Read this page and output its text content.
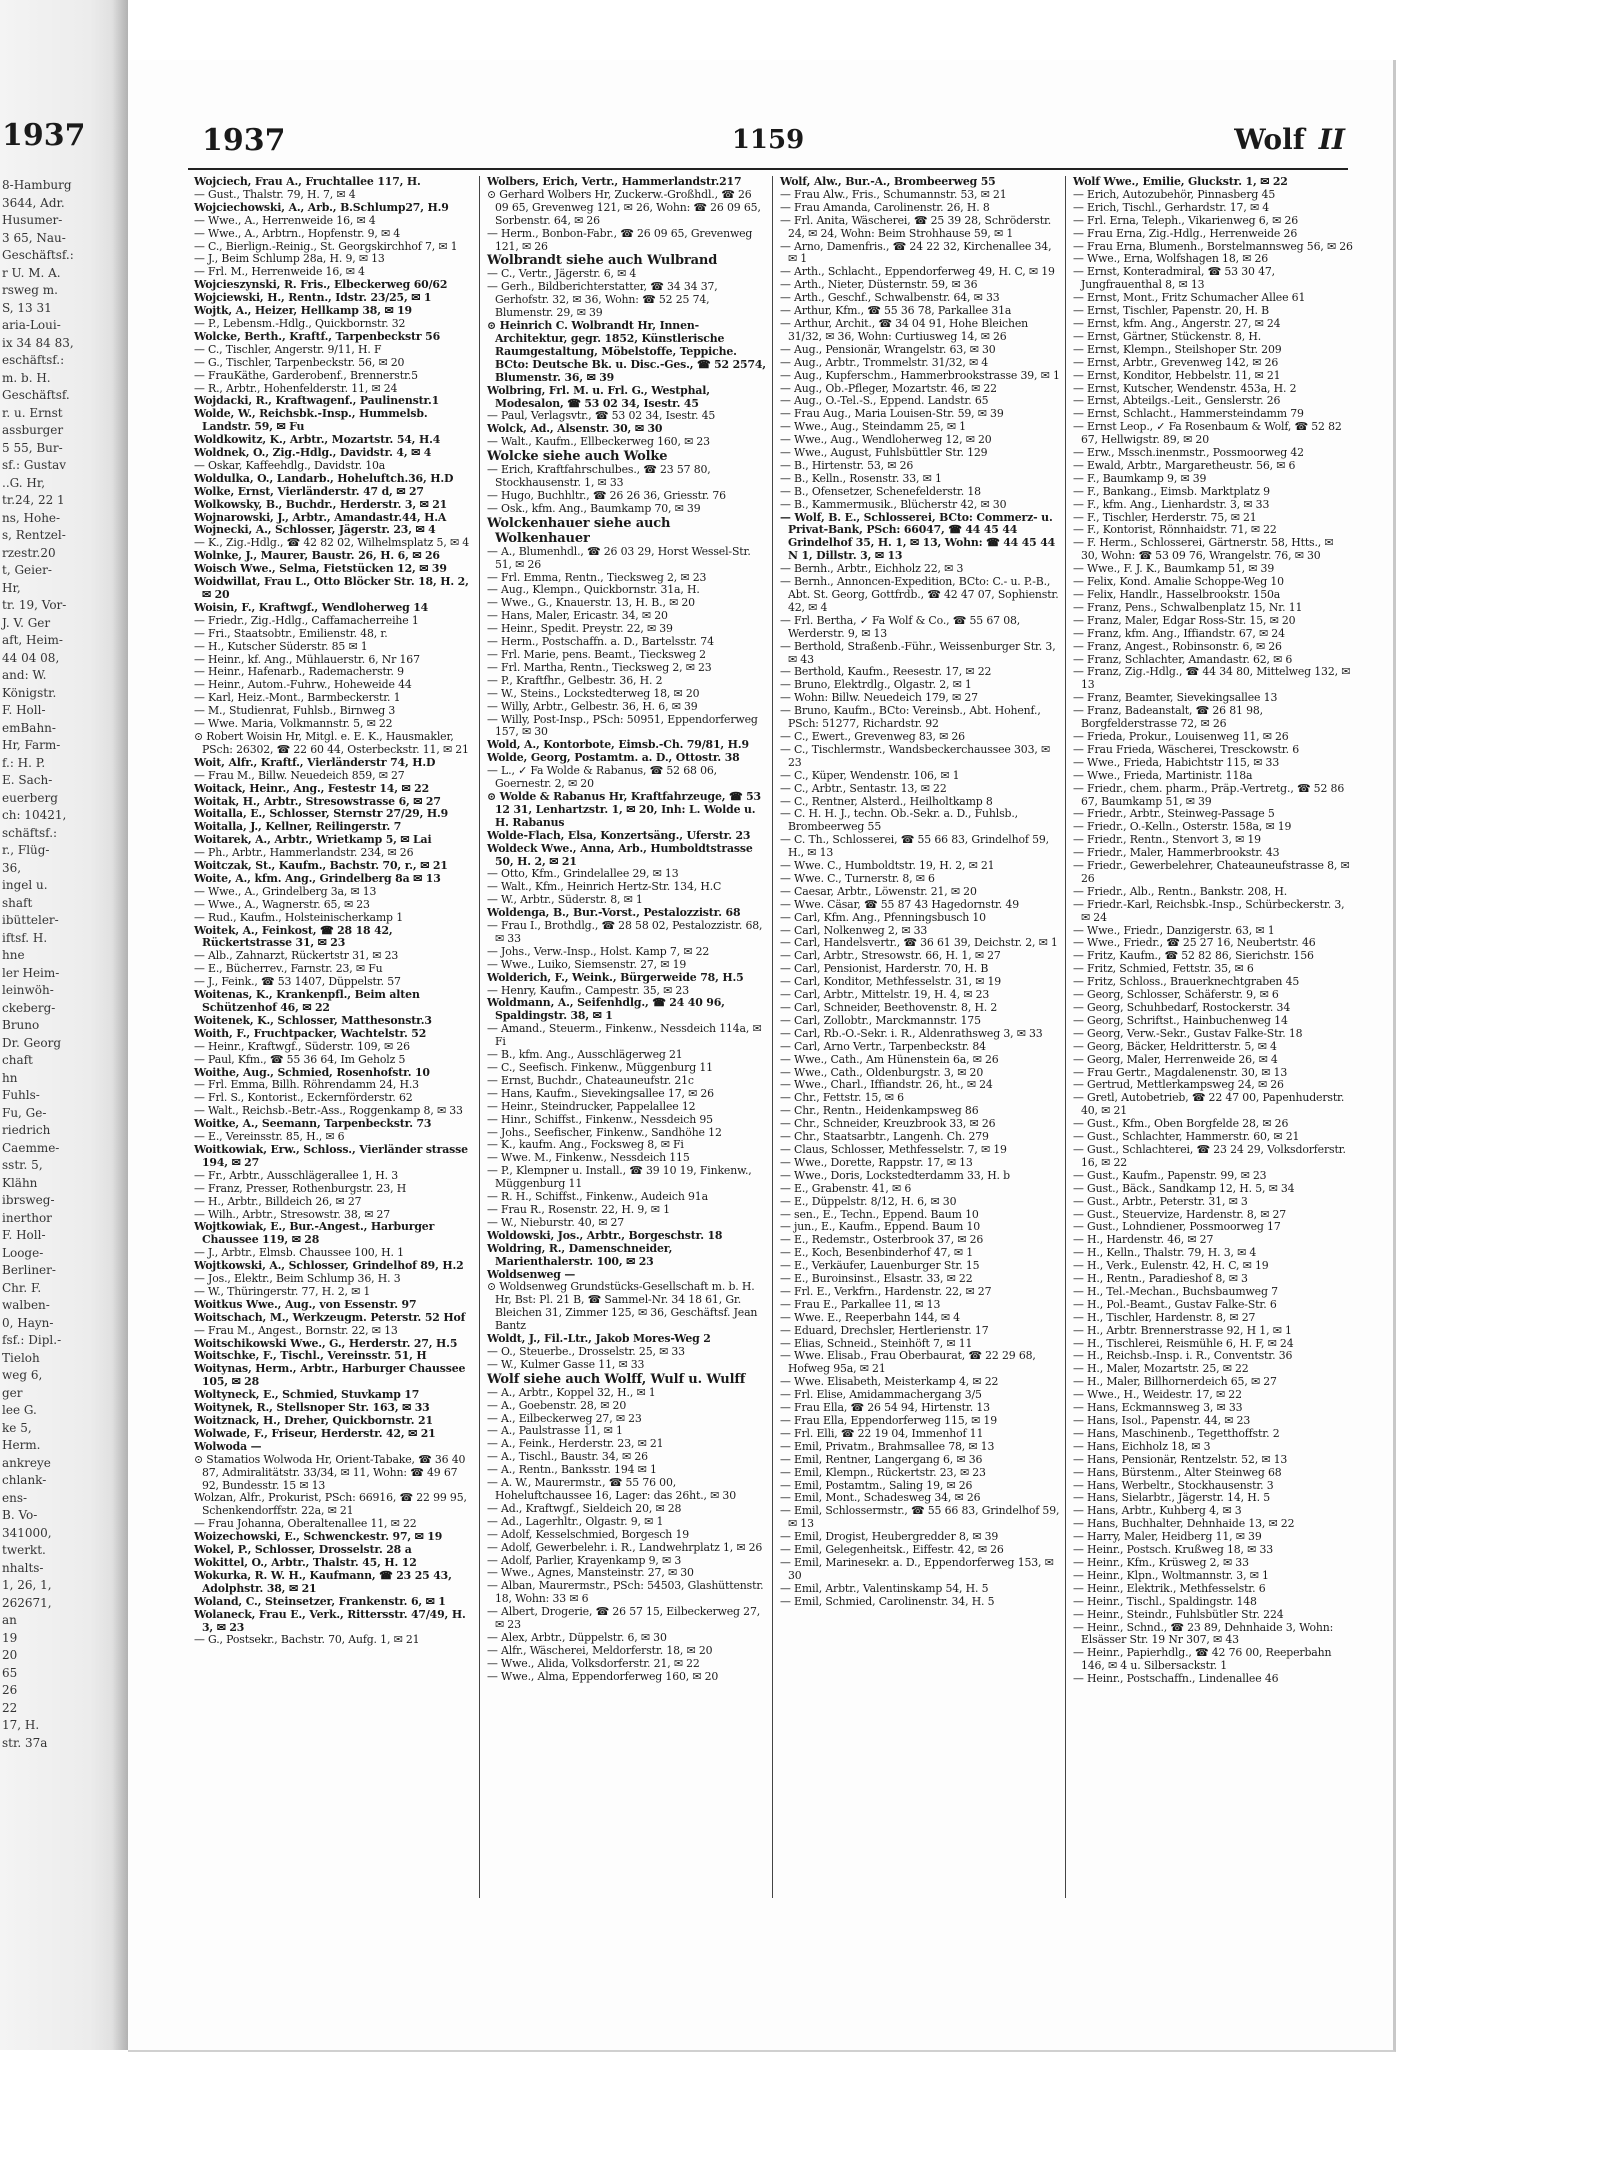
1937
8-Hamburg
3644, Adr.
Husumer-
3 65, Nau-
Geschäftsf.:
r U. M. A.
rsweg m.
S, 13 31
aria-Loui-
ix 34 84 83,
eschäftsf.:
m. b. H.
Geschäftsf.
r. u. Ernst
assburger
5 55, Bur-
sf.: Gustav
..G. Hr,
tr.24, 22 1
ns, Hohe-
s, Rentzel-
rzestr.20
t, Geier-
Hr,
tr. 19, Vor-
J. V. Ger
aft, Heim-
44 04 08,
and: W.
Königstr.
F. Holl-
emBahn-
Hr, Farm-
f.: H. P.
E. Sach-
euerberg
ch: 10421,
schäftsf.:
r., Flüg-
36,
ingel u.
shaft
ibütteler-
iftsf. H.
hne
ler Heim-
leinwöh-
ckeberg-
Bruno
Dr. Georg
chaft
hn
Fuhls-
Fu, Ge-
riedrich
Caemme-
sstr. 5,
Klähn
ibrsweg-
inerthor
F. Holl-
Looge-
Berliner-
Chr. F.
walben-
0, Hayn-
fsf.: Dipl.-
Tieloh
weg 6,
ger
lee G.
ke 5,
Herm.
ankreye
chlank-
ens-
B. Vo-
341000,
twerkt.
nhalts-
1, 26, 1,
262671,
an
19
20
65
26
22
17, H.
str. 37a
1937	1159	Wolf II

Wojciech, Frau A., Fruchtallee 117, H.

— Gust., Thalstr. 79, H. 7, ✉ 4

Wojciechowski, A., Arb., B.Schlump27, H.9

— Wwe., A., Herrenweide 16, ✉ 4

— Wwe., A., Arbtrn., Hopfenstr. 9, ✉ 4

— C., Bierlign.-Reinig., St. Georgskirchhof 7, ✉ 1

— J., Beim Schlump 28a, H. 9, ✉ 13

— Frl. M., Herrenweide 16, ✉ 4

Wojcieszynski, R. Fris., Elbeckerweg 60/62

Wojciewski, H., Rentn., Idstr. 23/25, ✉ 1

Wojtk, A., Heizer, Hellkamp 38, ✉ 19

— P., Lebensm.-Hdlg., Quickbornstr. 32

Wolcke, Berth., Kraftf., Tarpenbeckstr 56

— C., Tischler, Angerstr. 9/11, H. F

— G., Tischler, Tarpenbeckstr. 56, ✉ 20

— FrauKäthe, Garderobenf., Brennerstr.5

— R., Arbtr., Hohenfelderstr. 11, ✉ 24

Wojdacki, R., Kraftwagenf., Paulinenstr.1

Wolde, W., Reichsbk.-Insp., Hummelsb. Landstr. 59, ✉ Fu

Woldkowitz, K., Arbtr., Mozartstr. 54, H.4

Woldnek, O., Zig.-Hdlg., Davidstr. 4, ✉ 4

— Oskar, Kaffeehdlg., Davidstr. 10a

Woldulka, O., Landarb., Hoheluftch.36, H.D

Wolke, Ernst, Vierländerstr. 47 d, ✉ 27

Wolkowsky, B., Buchdr., Herderstr. 3, ✉ 21

Wojnarowski, J., Arbtr., Amandastr.44, H.A

Wojnecki, A., Schlosser, Jägerstr. 23, ✉ 4

— K., Zig.-Hdlg., ☎ 42 82 02, Wilhelmsplatz 5, ✉ 4

Wolnke, J., Maurer, Baustr. 26, H. 6, ✉ 26

Woisch Wwe., Selma, Fietstücken 12, ✉ 39

Woidwillat, Frau L., Otto Blöcker Str. 18, H. 2, ✉ 20

Woisin, F., Kraftwgf., Wendloherweg 14

— Friedr., Zig.-Hdlg., Caffamacherreihe 1

— Fri., Staatsobtr., Emilienstr. 48, r.

— H., Kutscher Süderstr. 85 ✉ 1

— Heinr., kf. Ang., Mühlauerstr. 6, Nr 167

— Heinr., Hafenarb., Rademacherstr. 9

— Heinr., Autom.-Fuhrw., Hoheweide 44

— Karl, Heiz.-Mont., Barmbeckerstr. 1

— M., Studienrat, Fuhlsb., Birnweg 3

— Wwe. Maria, Volkmannstr. 5, ✉ 22

⊙ Robert Woisin Hr, Mitgl. e. E. K., Hausmakler, PSch: 26302, ☎ 22 60 44, Osterbeckstr. 11, ✉ 21

Woit, Alfr., Kraftf., Vierländerstr 74, H.D

— Frau M., Billw. Neuedeich 859, ✉ 27

Woitack, Heinr., Ang., Festestr 14, ✉ 22

Woitak, H., Arbtr., Stresowstrasse 6, ✉ 27

Woitalla, E., Schlosser, Sternstr 27/29, H.9

Woitalla, J., Kellner, Reilingerstr. 7

Woitarek, A., Arbtr., Wrietkamp 5, ✉ Lai

— Ph., Arbtr., Hammerlandstr. 234, ✉ 26

Woitczak, St., Kaufm., Bachstr. 70, r., ✉ 21

Woite, A., kfm. Ang., Grindelberg 8a ✉ 13

— Wwe., A., Grindelberg 3a, ✉ 13

— Wwe., A., Wagnerstr. 65, ✉ 23

— Rud., Kaufm., Holsteinischerkamp 1

Woitek, A., Feinkost, ☎ 28 18 42, Rückertstrasse 31, ✉ 23

— Alb., Zahnarzt, Rückertstr 31, ✉ 23

— E., Bücherrev., Farnstr. 23, ✉ Fu

— J., Feink., ☎ 53 1407, Düppelstr. 57

Woitenas, K., Krankenpfl., Beim alten Schützenhof 46, ✉ 22

Woitenek, K., Schlosser, Matthesonstr.3

Woith, F., Fruchtpacker, Wachtelstr. 52

— Heinr., Kraftwgf., Süderstr. 109, ✉ 26

— Paul, Kfm., ☎ 55 36 64, Im Geholz 5

Woithe, Aug., Schmied, Rosenhofstr. 10

— Frl. Emma, Billh. Röhrendamm 24, H.3

— Frl. S., Kontorist., Eckernförderstr. 62

— Walt., Reichsb.-Betr.-Ass., Roggenkamp 8, ✉ 33

Woitke, A., Seemann, Tarpenbeckstr. 73

— E., Vereinsstr. 85, H., ✉ 6

Woitkowiak, Erw., Schloss., Vierländer strasse 194, ✉ 27

— Fr., Arbtr., Ausschlägerallee 1, H. 3

— Franz, Presser, Rothenburgstr. 23, H

— H., Arbtr., Billdeich 26, ✉ 27

— Wilh., Arbtr., Stresowstr. 38, ✉ 27

Wojtkowiak, E., Bur.-Angest., Harburger Chaussee 119, ✉ 28

— J., Arbtr., Elmsb. Chaussee 100, H. 1

Wojtkowski, A., Schlosser, Grindelhof 89, H.2

— Jos., Elektr., Beim Schlump 36, H. 3

— W., Thüringerstr. 77, H. 2, ✉ 1

Woitkus Wwe., Aug., von Essenstr. 97

Woitschach, M., Werkzeugm. Peterstr. 52 Hof

— Frau M., Angest., Bornstr. 22, ✉ 13

Woitschikowski Wwe., G., Herderstr. 27, H.5

Woitschke, F., Tischl., Vereinsstr. 51, H

Woitynas, Herm., Arbtr., Harburger Chaussee 105, ✉ 28

Woltyneck, E., Schmied, Stuvkamp 17

Woitynek, R., Stellsnoper Str. 163, ✉ 33

Woitznack, H., Dreher, Quickbornstr. 21

Wolwade, F., Friseur, Herderstr. 42, ✉ 21

Wolwoda —

⊙ Stamatios Wolwoda Hr, Orient-Tabake, ☎ 36 40 87, Admiralitätstr. 33/34, ✉ 11, Wohn: ☎ 49 67 92, Bundesstr. 15 ✉ 13

Wolzan, Alfr., Prokurist, PSch: 66916, ☎ 22 99 95, Schenkendorffstr. 22a, ✉ 21

— Frau Johanna, Oberaltenallee 11, ✉ 22

Woizechowski, E., Schwenckestr. 97, ✉ 19

Wokel, P., Schlosser, Drosselstr. 28 a

Wokittel, O., Arbtr., Thalstr. 45, H. 12

Wokurka, R. W. H., Kaufmann, ☎ 23 25 43, Adolphstr. 38, ✉ 21

Woland, C., Steinsetzer, Frankenstr. 6, ✉ 1

Wolaneck, Frau E., Verk., Rittersstr. 47/49, H. 3, ✉ 23

— G., Postsekr., Bachstr. 70, Aufg. 1, ✉ 21

Wolbers, Erich, Vertr., Hammerlandstr.217

⊙ Gerhard Wolbers Hr, Zuckerw.-Großhdl., ☎ 26 09 65, Grevenweg 121, ✉ 26, Wohn: ☎ 26 09 65, Sorbenstr. 64, ✉ 26

— Herm., Bonbon-Fabr., ☎ 26 09 65, Grevenweg 121, ✉ 26

Wolbrandt siehe auch Wulbrand

— C., Vertr., Jägerstr. 6, ✉ 4

— Gerh., Bildberichterstatter, ☎ 34 34 37, Gerhofstr. 32, ✉ 36, Wohn: ☎ 52 25 74, Blumenstr. 29, ✉ 39

⊙ Heinrich C. Wolbrandt Hr, Innen-Architektur, gegr. 1852, Künstlerische Raumgestaltung, Möbelstoffe, Teppiche. BCto: Deutsche Bk. u. Disc.-Ges., ☎ 52 2574, Blumenstr. 36, ✉ 39

Wolbring, Frl. M. u. Frl. G., Westphal, Modesalon, ☎ 53 02 34, Isestr. 45

— Paul, Verlagsvtr., ☎ 53 02 34, Isestr. 45

Wolck, Ad., Alsenstr. 30, ✉ 30

— Walt., Kaufm., Ellbeckerweg 160, ✉ 23

Wolcke siehe auch Wolke

— Erich, Kraftfahrschulbes., ☎ 23 57 80, Stockhausenstr. 1, ✉ 33

— Hugo, Buchhltr., ☎ 26 26 36, Griesstr. 76

— Osk., kfm. Ang., Baumkamp 70, ✉ 39

Wolckenhauer siehe auch Wolkenhauer

— A., Blumenhdl., ☎ 26 03 29, Horst Wessel-Str. 51, ✉ 26

— Frl. Emma, Rentn., Tiecksweg 2, ✉ 23

— Aug., Klempn., Quickbornstr. 31a, H.

— Wwe., G., Knauerstr. 13, H. B., ✉ 20

— Hans, Maler, Ericastr. 34, ✉ 20

— Heinr., Spedit. Preystr. 22, ✉ 39

— Herm., Postschaffn. a. D., Bartelsstr. 74

— Frl. Marie, pens. Beamt., Tiecksweg 2

— Frl. Martha, Rentn., Tiecksweg 2, ✉ 23

— P., Kraftfhr., Gelbestr. 36, H. 2

— W., Steins., Lockstedterweg 18, ✉ 20

— Willy, Arbtr., Gelbestr. 36, H. 6, ✉ 39

— Willy, Post-Insp., PSch: 50951, Eppendorferweg 157, ✉ 30

Wold, A., Kontorbote, Eimsb.-Ch. 79/81, H.9

Wolde, Georg, Postamtm. a. D., Ottostr. 38

— L., ✓ Fa Wolde & Rabanus, ☎ 52 68 06, Goernestr. 2, ✉ 20

⊙ Wolde & Rabanus Hr, Kraftfahrzeuge, ☎ 53 12 31, Lenhartzstr. 1, ✉ 20, Inh: L. Wolde u. H. Rabanus

Wolde-Flach, Elsa, Konzertsäng., Uferstr. 23

Woldeck Wwe., Anna, Arb., Humboldtstrasse 50, H. 2, ✉ 21

— Otto, Kfm., Grindelallee 29, ✉ 13

— Walt., Kfm., Heinrich Hertz-Str. 134, H.C

— W., Arbtr., Süderstr. 8, ✉ 1

Woldenga, B., Bur.-Vorst., Pestalozzistr. 68

— Frau I., Brothdlg., ☎ 28 58 02, Pestalozzistr. 68, ✉ 33

— Johs., Verw.-Insp., Holst. Kamp 7, ✉ 22

— Wwe., Luiko, Siemsenstr. 27, ✉ 19

Wolderich, F., Weink., Bürgerweide 78, H.5

— Henry, Kaufm., Campestr. 35, ✉ 23

Woldmann, A., Seifenhdlg., ☎ 24 40 96, Spaldingstr. 38, ✉ 1

— Amand., Steuerm., Finkenw., Nessdeich 114a, ✉ Fi

— B., kfm. Ang., Ausschlägerweg 21

— C., Seefisch. Finkenw., Müggenburg 11

— Ernst, Buchdr., Chateauneufstr. 21c

— Hans, Kaufm., Sievekingsallee 17, ✉ 26

— Heinr., Steindrucker, Pappelallee 12

— Hinr., Schiffst., Finkenw., Nessdeich 95

— Johs., Seefischer, Finkenw., Sandhöhe 12

— K., kaufm. Ang., Focksweg 8, ✉ Fi

— Wwe. M., Finkenw., Nessdeich 115

— P., Klempner u. Install., ☎ 39 10 19, Finkenw., Müggenburg 11

— R. H., Schiffst., Finkenw., Audeich 91a

— Frau R., Rosenstr. 22, H. 9, ✉ 1

— W., Nieburstr. 40, ✉ 27

Woldowski, Jos., Arbtr., Borgeschstr. 18

Woldring, R., Damenschneider, Marienthalerstr. 100, ✉ 23

Woldsenweg —

⊙ Woldsenweg Grundstücks-Gesellschaft m. b. H. Hr, Bst: Pl. 21 B, ☎ Sammel-Nr. 34 18 61, Gr. Bleichen 31, Zimmer 125, ✉ 36, Geschäftsf. Jean Bantz

Woldt, J., Fil.-Ltr., Jakob Mores-Weg 2

— O., Steuerbe., Drosselstr. 25, ✉ 33

— W., Kulmer Gasse 11, ✉ 33

Wolf siehe auch Wolff, Wulf u. Wulff

— A., Arbtr., Koppel 32, H., ✉ 1

— A., Goebenstr. 28, ✉ 20

— A., Eilbeckerweg 27, ✉ 23

— A., Paulstrasse 11, ✉ 1

— A., Feink., Herderstr. 23, ✉ 21

— A., Tischl., Baustr. 34, ✉ 26

— A., Rentn., Banksstr. 194 ✉ 1

— A. W., Maurermstr., ☎ 55 76 00, Hoheluftchaussee 16, Lager: das 26ht., ✉ 30

— Ad., Kraftwgf., Sieldeich 20, ✉ 28

— Ad., Lagerhltr., Olgastr. 9, ✉ 1

— Adolf, Kesselschmied, Borgesch 19

— Adolf, Gewerbelehr. i. R., Landwehrplatz 1, ✉ 26

— Adolf, Parlier, Krayenkamp 9, ✉ 3

— Wwe., Agnes, Mansteinstr. 27, ✉ 30

— Alban, Maurermstr., PSch: 54503, Glashüttenstr. 18, Wohn: 33 ✉ 6

— Albert, Drogerie, ☎ 26 57 15, Eilbeckerweg 27, ✉ 23

— Alex, Arbtr., Düppelstr. 6, ✉ 30

— Alfr., Wäscherei, Meldorferstr. 18, ✉ 20

— Wwe., Alida, Volksdorferstr. 21, ✉ 22

— Wwe., Alma, Eppendorferweg 160, ✉ 20

Wolf, Alw., Bur.-A., Brombeerweg 55

— Frau Alw., Fris., Schumannstr. 53, ✉ 21

— Frau Amanda, Carolinenstr. 26, H. 8

— Frl. Anita, Wäscherei, ☎ 25 39 28, Schröderstr. 24, ✉ 24, Wohn: Beim Strohhause 59, ✉ 1

— Arno, Damenfris., ☎ 24 22 32, Kirchenallee 34, ✉ 1

— Arth., Schlacht., Eppendorferweg 49, H. C, ✉ 19

— Arth., Nieter, Düsternstr. 59, ✉ 36

— Arth., Geschf., Schwalbenstr. 64, ✉ 33

— Arthur, Kfm., ☎ 55 36 78, Parkallee 31a

— Arthur, Archit., ☎ 34 04 91, Hohe Bleichen 31/32, ✉ 36, Wohn: Curtiusweg 14, ✉ 26

— Aug., Pensionär, Wrangelstr. 63, ✉ 30

— Aug., Arbtr., Trommelstr. 31/32, ✉ 4

— Aug., Kupferschm., Hammerbrookstrasse 39, ✉ 1

— Aug., Ob.-Pfleger, Mozartstr. 46, ✉ 22

— Aug., O.-Tel.-S., Eppend. Landstr. 65

— Frau Aug., Maria Louisen-Str. 59, ✉ 39

— Wwe., Aug., Steindamm 25, ✉ 1

— Wwe., Aug., Wendloherweg 12, ✉ 20

— Wwe., August, Fuhlsbüttler Str. 129

— B., Hirtenstr. 53, ✉ 26

— B., Kelln., Rosenstr. 33, ✉ 1

— B., Ofensetzer, Schenefelderstr. 18

— B., Kammermusik., Blücherstr 42, ✉ 30

— Wolf, B. E., Schlosserei, BCto: Commerz- u. Privat-Bank, PSch: 66047, ☎ 44 45 44 Grindelhof 35, H. 1, ✉ 13, Wohn: ☎ 44 45 44 N 1, Dillstr. 3, ✉ 13

— Bernh., Arbtr., Eichholz 22, ✉ 3

— Bernh., Annoncen-Expedition, BCto: C.- u. P.-B., Abt. St. Georg, Gottfrdb., ☎ 42 47 07, Sophienstr. 42, ✉ 4

— Frl. Bertha, ✓ Fa Wolf & Co., ☎ 55 67 08, Werderstr. 9, ✉ 13

— Berthold, Straßenb.-Führ., Weissenburger Str. 3, ✉ 43

— Berthold, Kaufm., Reesestr. 17, ✉ 22

— Bruno, Elektrdlg., Olgastr. 2, ✉ 1

— Wohn: Billw. Neuedeich 179, ✉ 27

— Bruno, Kaufm., BCto: Vereinsb., Abt. Hohenf., PSch: 51277, Richardstr. 92

— C., Ewert., Grevenweg 83, ✉ 26

— C., Tischlermstr., Wandsbeckerchaussee 303, ✉ 23

— C., Küper, Wendenstr. 106, ✉ 1

— C., Arbtr., Sentastr. 13, ✉ 22

— C., Rentner, Alsterd., Heilholtkamp 8

— C. H. H. J., techn. Ob.-Sekr. a. D., Fuhlsb., Brombeerweg 55

— C. Th., Schlosserei, ☎ 55 66 83, Grindelhof 59, H., ✉ 13

— Wwe. C., Humboldtstr. 19, H. 2, ✉ 21

— Wwe. C., Turnerstr. 8, ✉ 6

— Caesar, Arbtr., Löwenstr. 21, ✉ 20

— Wwe. Cäsar, ☎ 55 87 43 Hagedornstr. 49

— Carl, Kfm. Ang., Pfenningsbusch 10

— Carl, Nolkenweg 2, ✉ 33

— Carl, Handelsvertr., ☎ 36 61 39, Deichstr. 2, ✉ 1

— Carl, Arbtr., Stresowstr. 66, H. 1, ✉ 27

— Carl, Pensionist, Harderstr. 70, H. B

— Carl, Konditor, Methfesselstr. 31, ✉ 19

— Carl, Arbtr., Mittelstr. 19, H. 4, ✉ 23

— Carl, Schneider, Beethovenstr. 8, H. 2

— Carl, Zollobtr., Marckmannstr. 175

— Carl, Rb.-O.-Sekr. i. R., Aldenrathsweg 3, ✉ 33

— Carl, Arno Vertr., Tarpenbeckstr. 84

— Wwe., Cath., Am Hünenstein 6a, ✉ 26

— Wwe., Cath., Oldenburgstr. 3, ✉ 20

— Wwe., Charl., Iffiandstr. 26, ht., ✉ 24

— Chr., Fettstr. 15, ✉ 6

— Chr., Rentn., Heidenkampsweg 86

— Chr., Schneider, Kreuzbrook 33, ✉ 26

— Chr., Staatsarbtr., Langenh. Ch. 279

— Claus, Schlosser, Methfesselstr. 7, ✉ 19

— Wwe., Dorette, Rappstr. 17, ✉ 13

— Wwe., Doris, Lockstedterdamm 33, H. b

— E., Grabenstr. 41, ✉ 6

— E., Düppelstr. 8/12, H. 6, ✉ 30

— sen., E., Techn., Eppend. Baum 10

— jun., E., Kaufm., Eppend. Baum 10

— E., Redemstr., Osterbrook 37, ✉ 26

— E., Koch, Besenbinderhof 47, ✉ 1

— E., Verkäufer, Lauenburger Str. 15

— E., Buroinsinst., Elsastr. 33, ✉ 22

— Frl. E., Verkfrn., Hardenstr. 22, ✉ 27

— Frau E., Parkallee 11, ✉ 13

— Wwe. E., Reeperbahn 144, ✉ 4

— Eduard, Drechsler, Hertlerienstr. 17

— Elias, Schneid., Steinhöft 7, ✉ 11

— Wwe. Elisab., Frau Oberbaurat, ☎ 22 29 68, Hofweg 95a, ✉ 21

— Wwe. Elisabeth, Meisterkamp 4, ✉ 22

— Frl. Elise, Amidammachergang 3/5

— Frau Ella, ☎ 26 54 94, Hirtenstr. 13

— Frau Ella, Eppendorferweg 115, ✉ 19

— Frl. Elli, ☎ 22 19 04, Immenhof 11

— Emil, Privatm., Brahmsallee 78, ✉ 13

— Emil, Rentner, Langergang 6, ✉ 36

— Emil, Klempn., Rückertstr. 23, ✉ 23

— Emil, Postamtm., Saling 19, ✉ 26

— Emil, Mont., Schadesweg 34, ✉ 26

— Emil, Schlossermstr., ☎ 55 66 83, Grindelhof 59, ✉ 13

— Emil, Drogist, Heubergredder 8, ✉ 39

— Emil, Gelegenheitsk., Eiffestr. 42, ✉ 26

— Emil, Marinesekr. a. D., Eppendorferweg 153, ✉ 30

— Emil, Arbtr., Valentinskamp 54, H. 5

— Emil, Schmied, Carolinenstr. 34, H. 5

Wolf Wwe., Emilie, Gluckstr. 1, ✉ 22

— Erich, Autozubehör, Pinnasberg 45

— Erich, Tischl., Gerhardstr. 17, ✉ 4

— Frl. Erna, Teleph., Vikarienweg 6, ✉ 26

— Frau Erna, Zig.-Hdlg., Herrenweide 26

— Frau Erna, Blumenh., Borstelmannsweg 56, ✉ 26

— Wwe., Erna, Wolfshagen 18, ✉ 26

— Ernst, Konteradmiral, ☎ 53 30 47, Jungfrauenthal 8, ✉ 13

— Ernst, Mont., Fritz Schumacher Allee 61

— Ernst, Tischler, Papenstr. 20, H. B

— Ernst, kfm. Ang., Angerstr. 27, ✉ 24

— Ernst, Gärtner, Stückenstr. 8, H.

— Ernst, Klempn., Steilshoper Str. 209

— Ernst, Arbtr., Grevenweg 142, ✉ 26

— Ernst, Konditor, Hebbelstr. 11, ✉ 21

— Ernst, Kutscher, Wendenstr. 453a, H. 2

— Ernst, Abteilgs.-Leit., Genslerstr. 26

— Ernst, Schlacht., Hammersteindamm 79

— Ernst Leop., ✓ Fa Rosenbaum & Wolf, ☎ 52 82 67, Hellwigstr. 89, ✉ 20

— Erw., Mssch.inenmstr., Possmoorweg 42

— Ewald, Arbtr., Margaretheustr. 56, ✉ 6

— F., Baumkamp 9, ✉ 39

— F., Bankang., Eimsb. Marktplatz 9

— F., kfm. Ang., Lienhardstr. 3, ✉ 33

— F., Tischler, Herderstr. 75, ✉ 21

— F., Kontorist, Rönnhaidstr. 71, ✉ 22

— F. Herm., Schlosserei, Gärtnerstr. 58, Htts., ✉ 30, Wohn: ☎ 53 09 76, Wrangelstr. 76, ✉ 30

— Wwe., F. J. K., Baumkamp 51, ✉ 39

— Felix, Kond. Amalie Schoppe-Weg 10

— Felix, Handlr., Hasselbrookstr. 150a

— Franz, Pens., Schwalbenplatz 15, Nr. 11

— Franz, Maler, Edgar Ross-Str. 15, ✉ 20

— Franz, kfm. Ang., Iffiandstr. 67, ✉ 24

— Franz, Angest., Robinsonstr. 6, ✉ 26

— Franz, Schlachter, Amandastr. 62, ✉ 6

— Franz, Zig.-Hdlg., ☎ 44 34 80, Mittelweg 132, ✉ 13

— Franz, Beamter, Sievekingsallee 13

— Franz, Badeanstalt, ☎ 26 81 98, Borgfelderstrasse 72, ✉ 26

— Frieda, Prokur., Louisenweg 11, ✉ 26

— Frau Frieda, Wäscherei, Tresckowstr. 6

— Wwe., Frieda, Habichtstr 115, ✉ 33

— Wwe., Frieda, Martinistr. 118a

— Friedr., chem. pharm., Präp.-Vertretg., ☎ 52 86 67, Baumkamp 51, ✉ 39

— Friedr., Arbtr., Steinweg-Passage 5

— Friedr., O.-Kelln., Osterstr. 158a, ✉ 19

— Friedr., Rentn., Stenvort 3, ✉ 19

— Friedr., Maler, Hammerbrookstr. 43

— Friedr., Gewerbelehrer, Chateauneufstrasse 8, ✉ 26

— Friedr., Alb., Rentn., Bankstr. 208, H.

— Friedr.-Karl, Reichsbk.-Insp., Schürbeckerstr. 3, ✉ 24

— Wwe., Friedr., Danzigerstr. 63, ✉ 1

— Wwe., Friedr., ☎ 25 27 16, Neubertstr. 46

— Fritz, Kaufm., ☎ 52 82 86, Sierichstr. 156

— Fritz, Schmied, Fettstr. 35, ✉ 6

— Fritz, Schloss., Brauerknechtgraben 45

— Georg, Schlosser, Schäferstr. 9, ✉ 6

— Georg, Schuhbedarf, Rostockerstr. 34

— Georg, Schriftst., Hainbuchenweg 14

— Georg, Verw.-Sekr., Gustav Falke-Str. 18

— Georg, Bäcker, Heldritterstr. 5, ✉ 4

— Georg, Maler, Herrenweide 26, ✉ 4

— Frau Gertr., Magdalenenstr. 30, ✉ 13

— Gertrud, Mettlerkampsweg 24, ✉ 26

— Gretl, Autobetrieb, ☎ 22 47 00, Papenhuderstr. 40, ✉ 21

— Gust., Kfm., Oben Borgfelde 28, ✉ 26

— Gust., Schlachter, Hammerstr. 60, ✉ 21

— Gust., Schlachterei, ☎ 23 24 29, Volksdorferstr. 16, ✉ 22

— Gust., Kaufm., Papenstr. 99, ✉ 23

— Gust., Bäck., Sandkamp 12, H. 5, ✉ 34

— Gust., Arbtr., Peterstr. 31, ✉ 3

— Gust., Steuervize, Hardenstr. 8, ✉ 27

— Gust., Lohndiener, Possmoorweg 17

— H., Hardenstr. 46, ✉ 27

— H., Kelln., Thalstr. 79, H. 3, ✉ 4

— H., Verk., Eulenstr. 42, H. C, ✉ 19

— H., Rentn., Paradieshof 8, ✉ 3

— H., Tel.-Mechan., Buchsbaumweg 7

— H., Pol.-Beamt., Gustav Falke-Str. 6

— H., Tischler, Hardenstr. 8, ✉ 27

— H., Arbtr. Brennerstrasse 92, H 1, ✉ 1

— H., Tischlerei, Reismühle 6, H. F, ✉ 24

— H., Reichsb.-Insp. i. R., Conventstr. 36

— H., Maler, Mozartstr. 25, ✉ 22

— H., Maler, Billhornerdeich 65, ✉ 27

— Wwe., H., Weidestr. 17, ✉ 22

— Hans, Eckmannsweg 3, ✉ 33

— Hans, Isol., Papenstr. 44, ✉ 23

— Hans, Maschinenb., Tegetthoffstr. 2

— Hans, Eichholz 18, ✉ 3

— Hans, Pensionär, Rentzelstr. 52, ✉ 13

— Hans, Bürstenm., Alter Steinweg 68

— Hans, Werbeltr., Stockhausenstr. 3

— Hans, Sielarbtr., Jägerstr. 14, H. 5

— Hans, Arbtr., Kuhberg 4, ✉ 3

— Hans, Buchhalter, Dehnhaide 13, ✉ 22

— Harry, Maler, Heidberg 11, ✉ 39

— Heinr., Postsch. Krußweg 18, ✉ 33

— Heinr., Kfm., Krüsweg 2, ✉ 33

— Heinr., Klpn., Woltmannstr. 3, ✉ 1

— Heinr., Elektrik., Methfesselstr. 6

— Heinr., Tischl., Spaldingstr. 148

— Heinr., Steindr., Fuhlsbütler Str. 224

— Heinr., Schnd., ☎ 23 89, Dehnhaide 3, Wohn: Elsässer Str. 19 Nr 307, ✉ 43

— Heinr., Papierhdlg., ☎ 42 76 00, Reeperbahn 146, ✉ 4 u. Silbersackstr. 1

— Heinr., Postschaffn., Lindenallee 46
